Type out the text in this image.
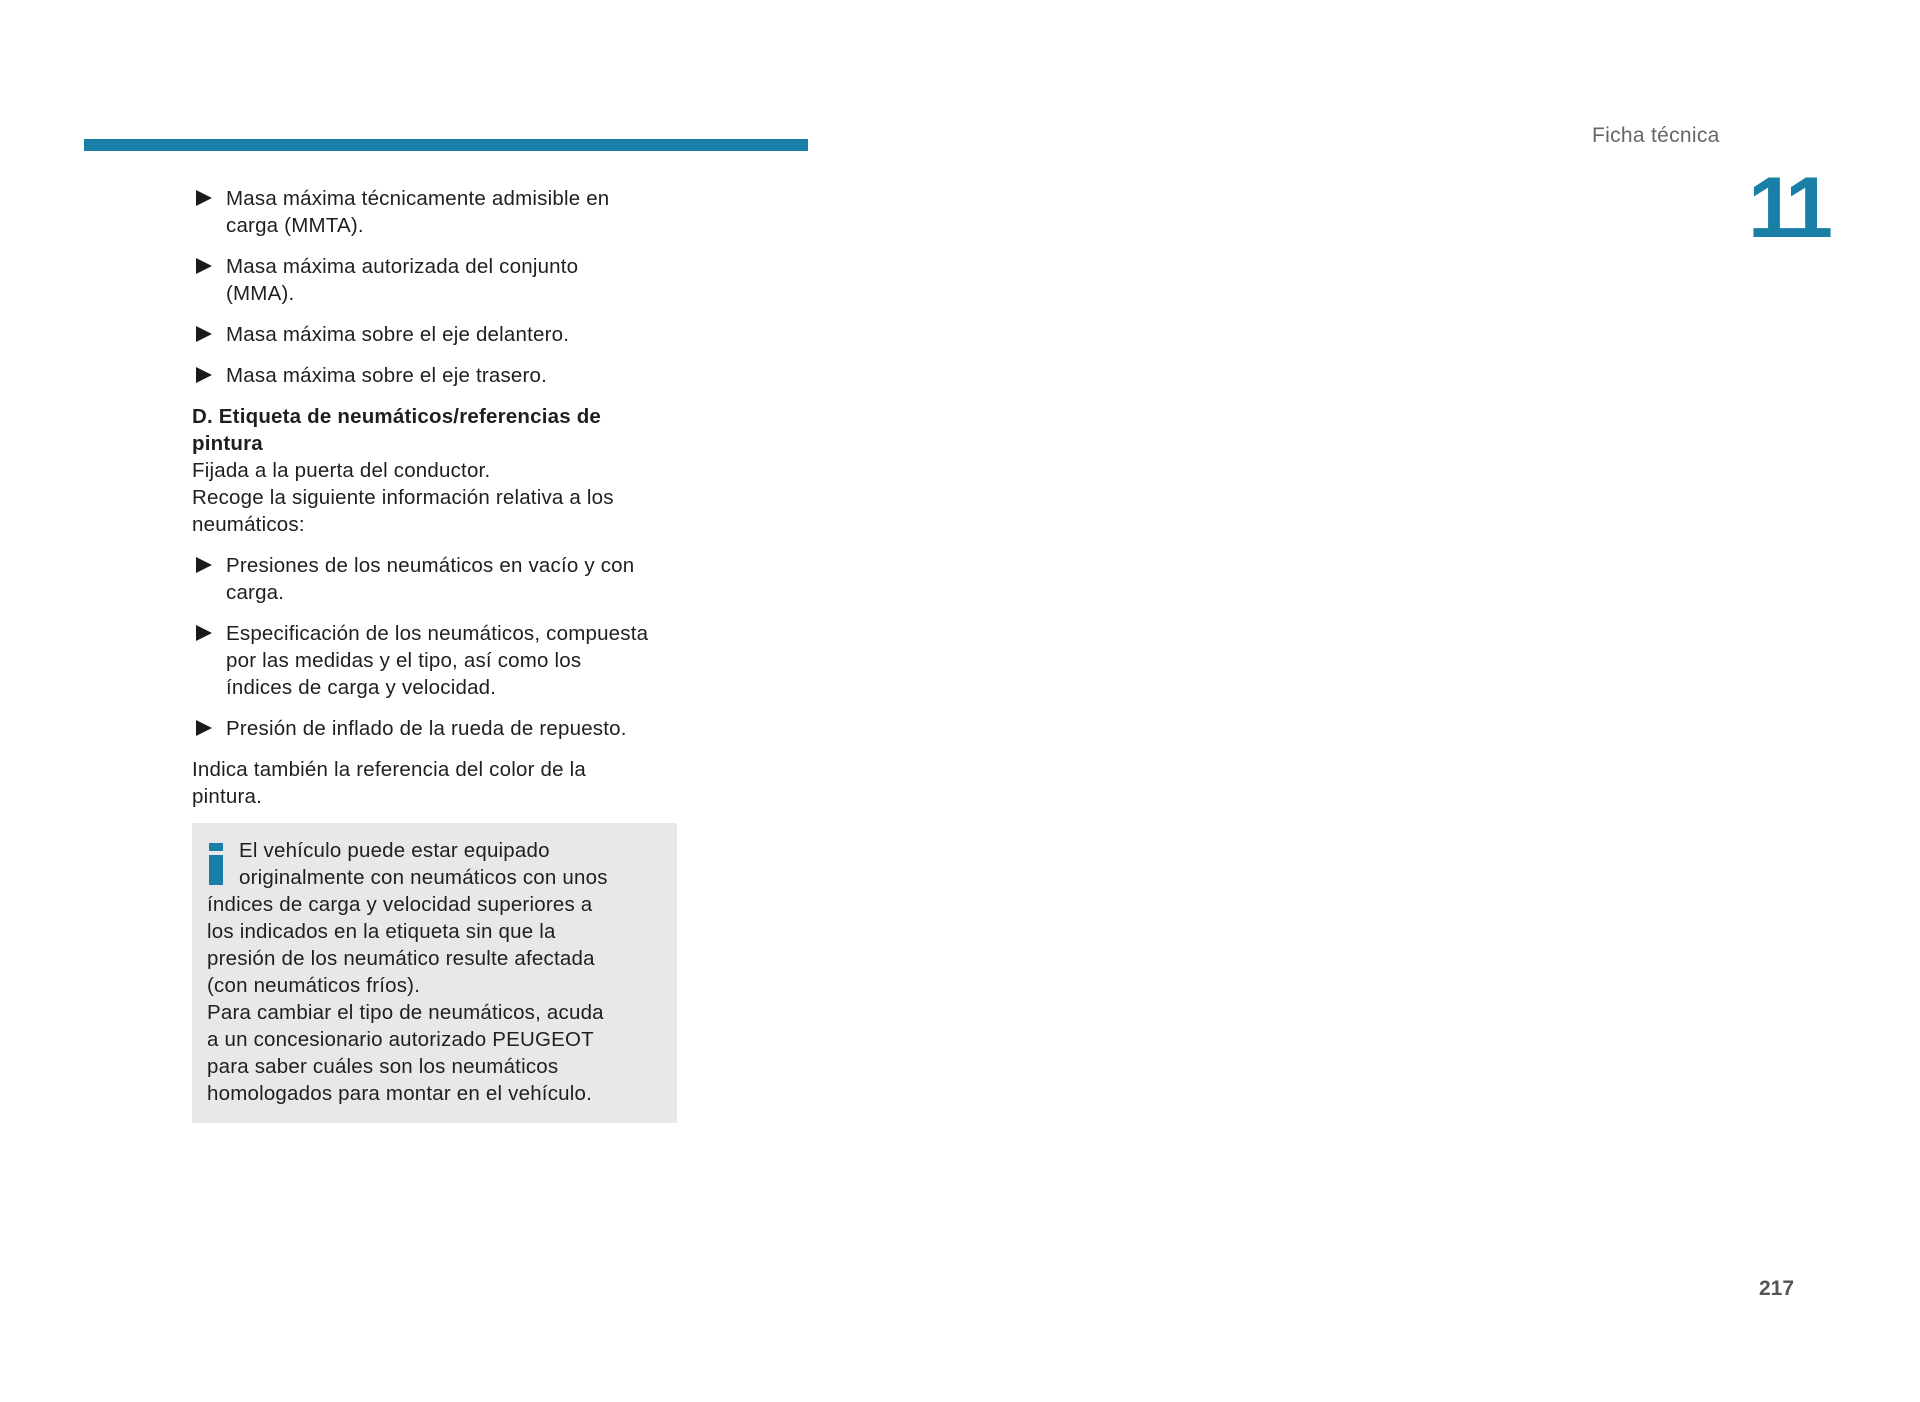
Ficha técnica
11
Masa máxima técnicamente admisible en
carga (MMTA).
Masa máxima autorizada del conjunto
(MMA).
Masa máxima sobre el eje delantero.
Masa máxima sobre el eje trasero.
D. Etiqueta de neumáticos/referencias de
pintura
Fijada a la puerta del conductor.
Recoge la siguiente información relativa a los
neumáticos:
Presiones de los neumáticos en vacío y con
carga.
Especificación de los neumáticos, compuesta
por las medidas y el tipo, así como los
índices de carga y velocidad.
Presión de inflado de la rueda de repuesto.
Indica también la referencia del color de la
pintura.

El vehículo puede estar equipado

originalmente con neumáticos con unos

índices de carga y velocidad superiores a

los indicados en la etiqueta sin que la

presión de los neumático resulte afectada

(con neumáticos fríos).

Para cambiar el tipo de neumáticos, acuda

a un concesionario autorizado PEUGEOT

para saber cuáles son los neumáticos

homologados para montar en el vehículo.

217
